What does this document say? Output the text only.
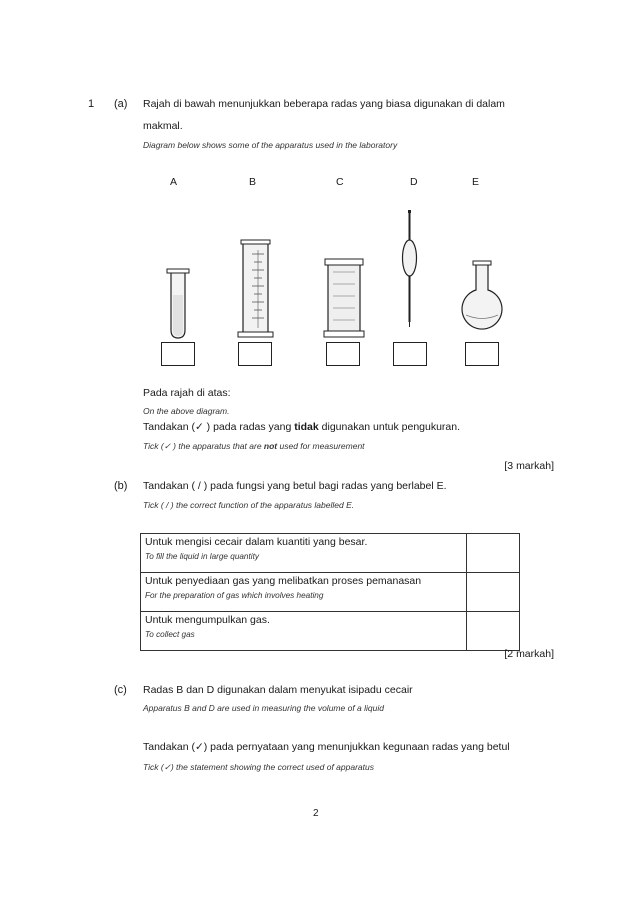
1 (a) Rajah di bawah menunjukkan beberapa radas yang biasa digunakan di dalam
makmal.
Diagram below shows some of the apparatus used in the laboratory
A	B	C	D	E
Pada rajah di atas:
On the above diagram.
Tandakan (✓ ) pada radas yang tidak digunakan untuk pengukuran.
Tick (✓ ) the apparatus that are not used for measurement
[3 markah]
(b) Tandakan ( / ) pada fungsi yang betul bagi radas yang berlabel E.
Tick ( / ) the correct function of the apparatus labelled E.
Untuk mengisi cecair dalam kuantiti yang besar.
To fill the liquid in large quantity	

Untuk penyediaan gas yang melibatkan proses pemanasan
For the preparation of gas which involves heating	

Untuk mengumpulkan gas.
To collect gas	

[2 markah]
(c) Radas B dan D digunakan dalam menyukat isipadu cecair
Apparatus B and D are used in measuring the volume of a liquid
Tandakan (✓) pada pernyataan yang menunjukkan kegunaan radas yang betul
Tick (✓) the statement showing the correct used of apparatus
2
